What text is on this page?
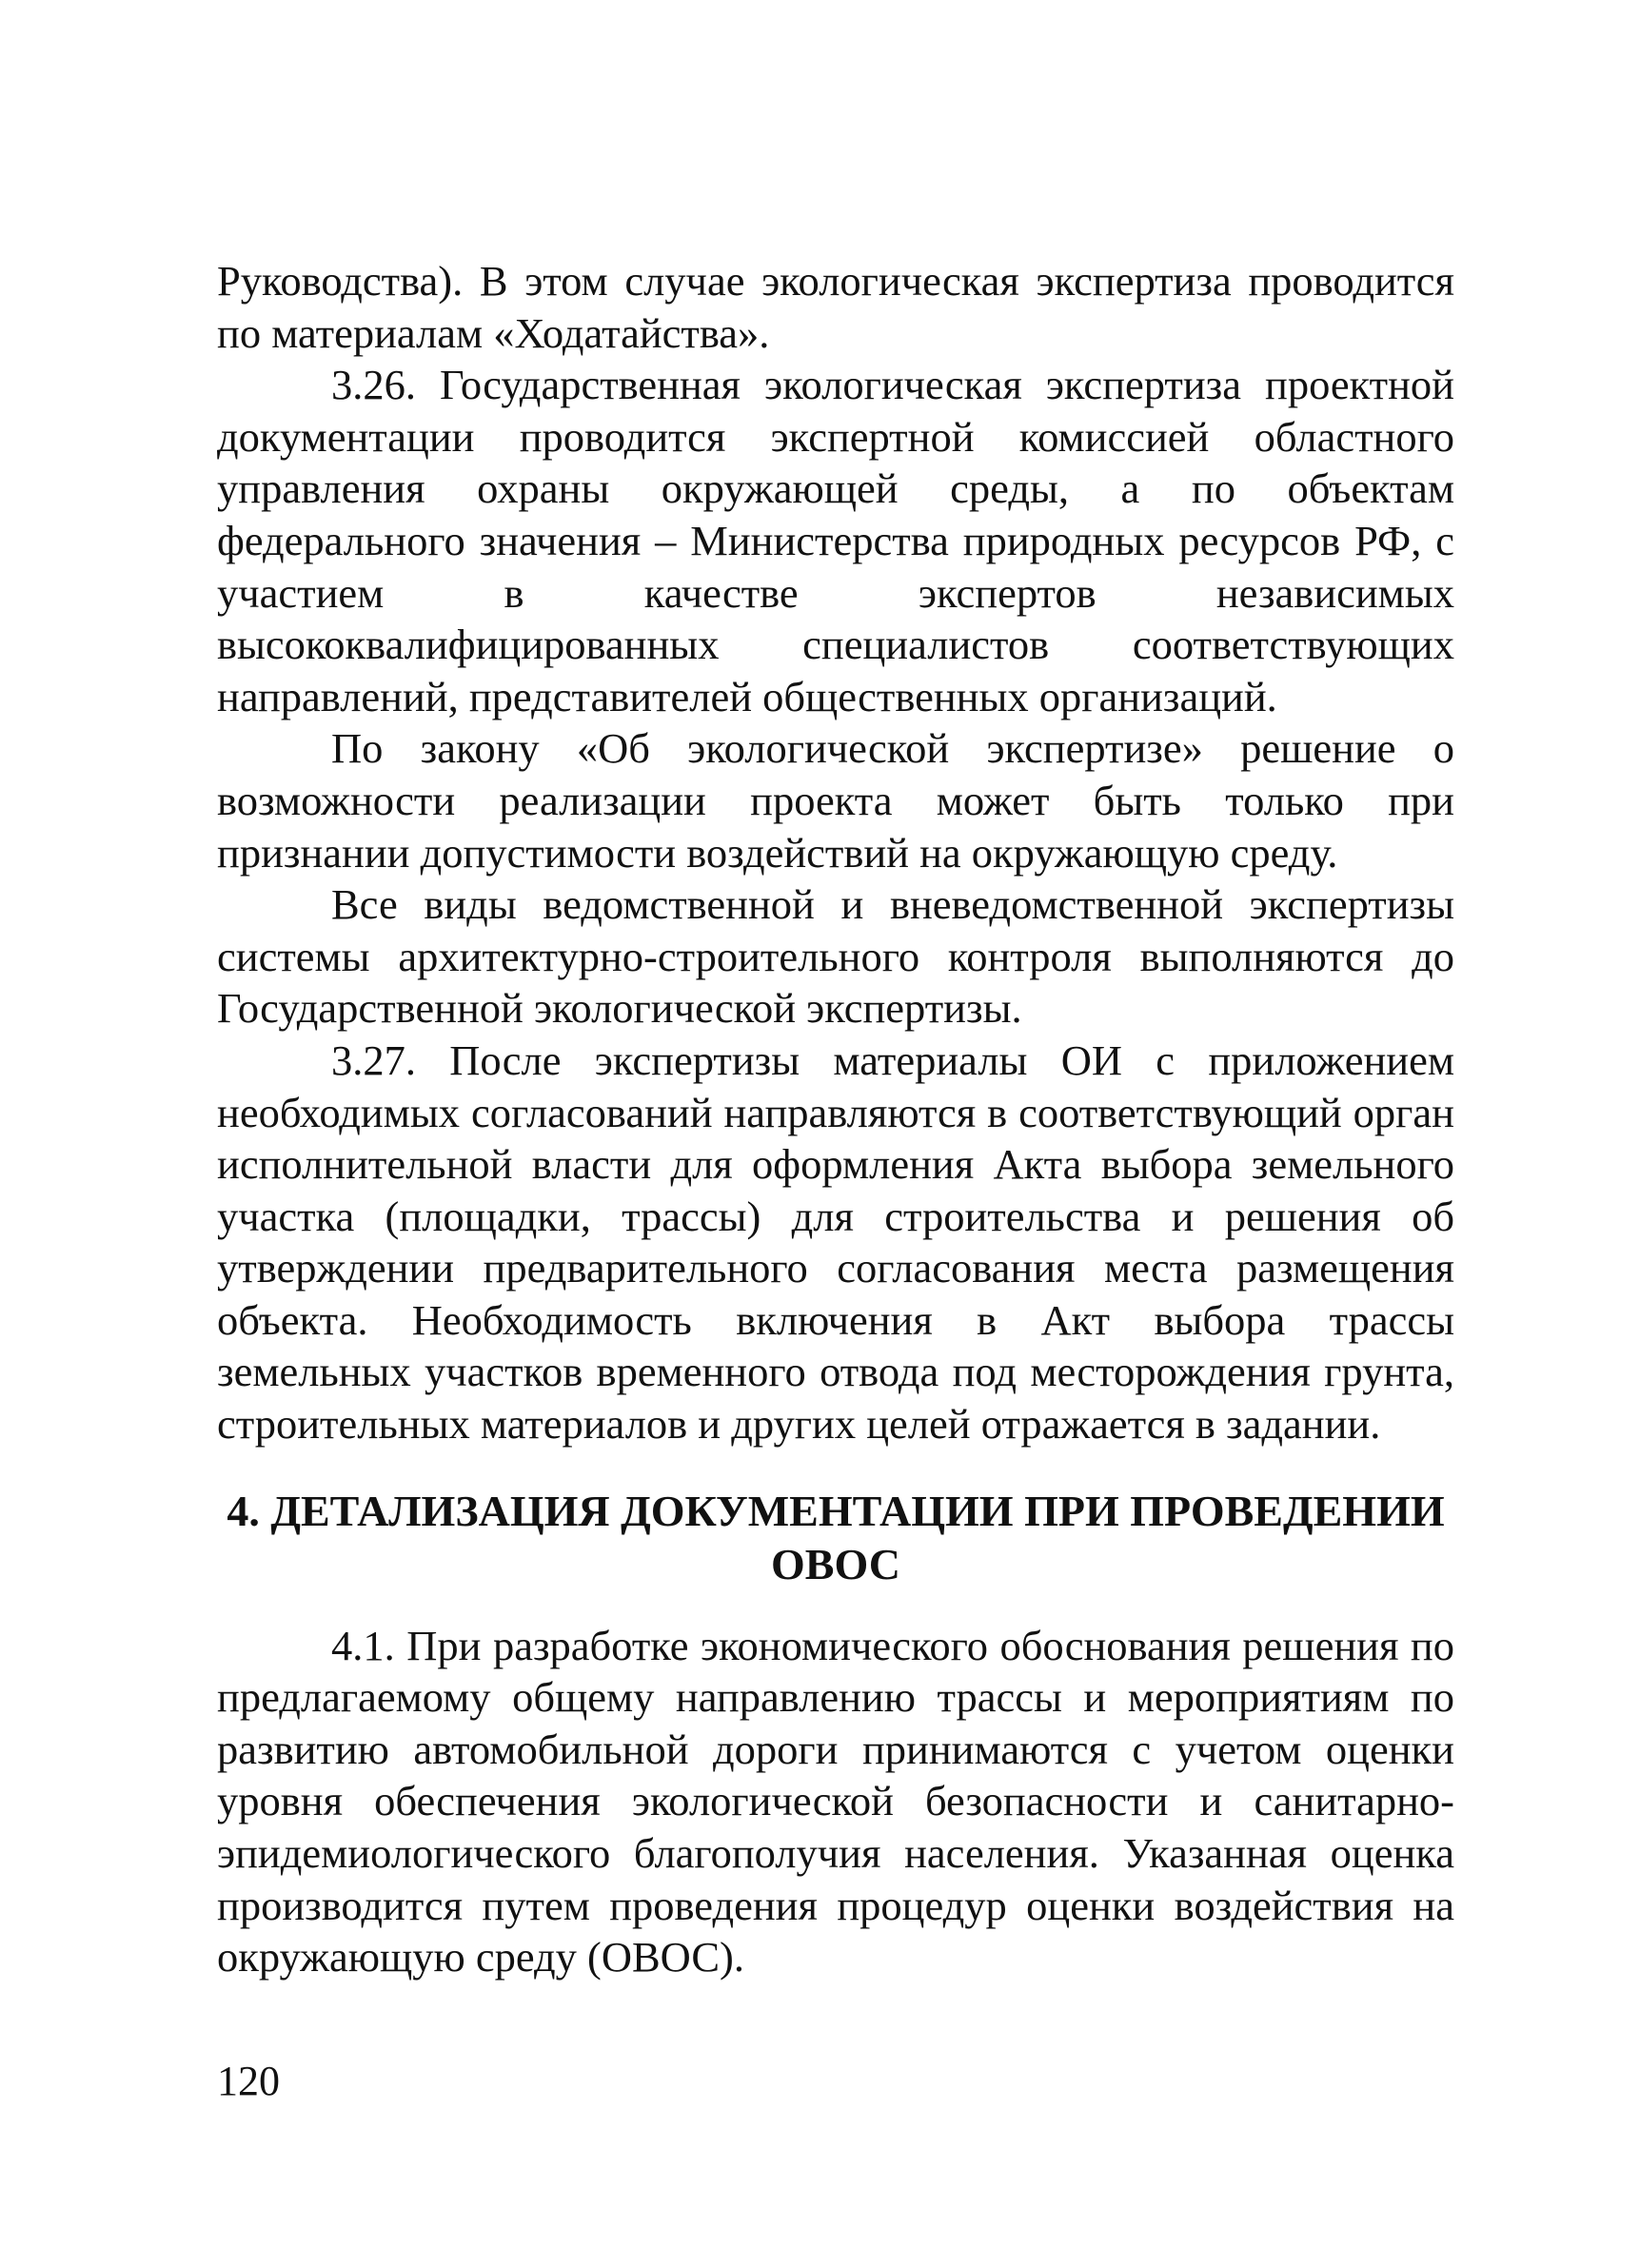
Руководства). В этом случае экологическая экспертиза проводится по материалам «Ходатайства».

3.26. Государственная экологическая экспертиза проектной документации проводится экспертной комиссией областного управления охраны окружающей среды, а по объектам федерального значения – Министерства природных ресурсов РФ, с участием в качестве экспертов независимых высококвалифицированных специалистов соответствующих направлений, представителей общественных организаций.

По закону «Об экологической экспертизе» решение о возможности реализации проекта может быть только при признании допустимости воздействий на окружающую среду.

Все виды ведомственной и вневедомственной экспертизы системы архитектурно-строительного контроля выполняются до Государственной экологической экспертизы.

3.27. После экспертизы материалы ОИ с приложением необходимых согласований направляются в соответствующий орган исполнительной власти для оформления Акта выбора земельного участка (площадки, трассы) для строительства и решения об утверждении предварительного согласования места размещения объекта. Необходимость включения в Акт выбора трассы земельных участков временного отвода под месторождения грунта, строительных материалов и других целей отражается в задании.

4. ДЕТАЛИЗАЦИЯ ДОКУМЕНТАЦИИ ПРИ ПРОВЕДЕНИИ ОВОС

4.1. При разработке экономического обоснования решения по предлагаемому общему направлению трассы и мероприятиям по развитию автомобильной дороги принимаются с учетом оценки уровня обеспечения экологической безопасности и санитарно-эпидемиологического благополучия населения. Указанная оценка производится путем проведения процедур оценки воздействия на окружающую среду (ОВОС).

120
